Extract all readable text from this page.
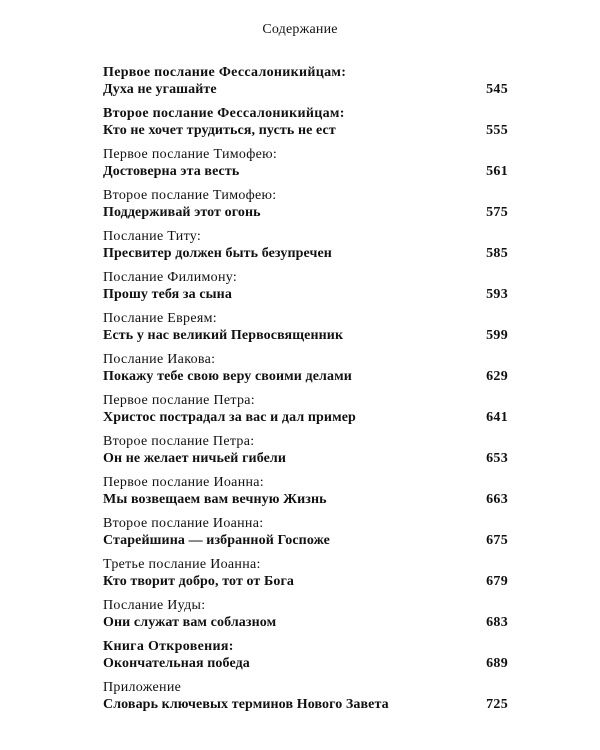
Содержание
Первое послание Фессалоникийцам:
Духа не угашайте	545
Второе послание Фессалоникийцам:
Кто не хочет трудиться, пусть не ест	555
Первое послание Тимофею:
Достоверна эта весть	561
Второе послание Тимофею:
Поддерживай этот огонь	575
Послание Титу:
Пресвитер должен быть безупречен	585
Послание Филимону:
Прошу тебя за сына	593
Послание Евреям:
Есть у нас великий Первосвященник	599
Послание Иакова:
Покажу тебе свою веру своими делами	629
Первое послание Петра:
Христос пострадал за вас и дал пример	641
Второе послание Петра:
Он не желает ничьей гибели	653
Первое послание Иоанна:
Мы возвещаем вам вечную Жизнь	663
Второе послание Иоанна:
Старейшина — избранной Госпоже	675
Третье послание Иоанна:
Кто творит добро, тот от Бога	679
Послание Иуды:
Они служат вам соблазном	683
Книга Откровения:
Окончательная победа	689
Приложение
Словарь ключевых терминов Нового Завета	725
